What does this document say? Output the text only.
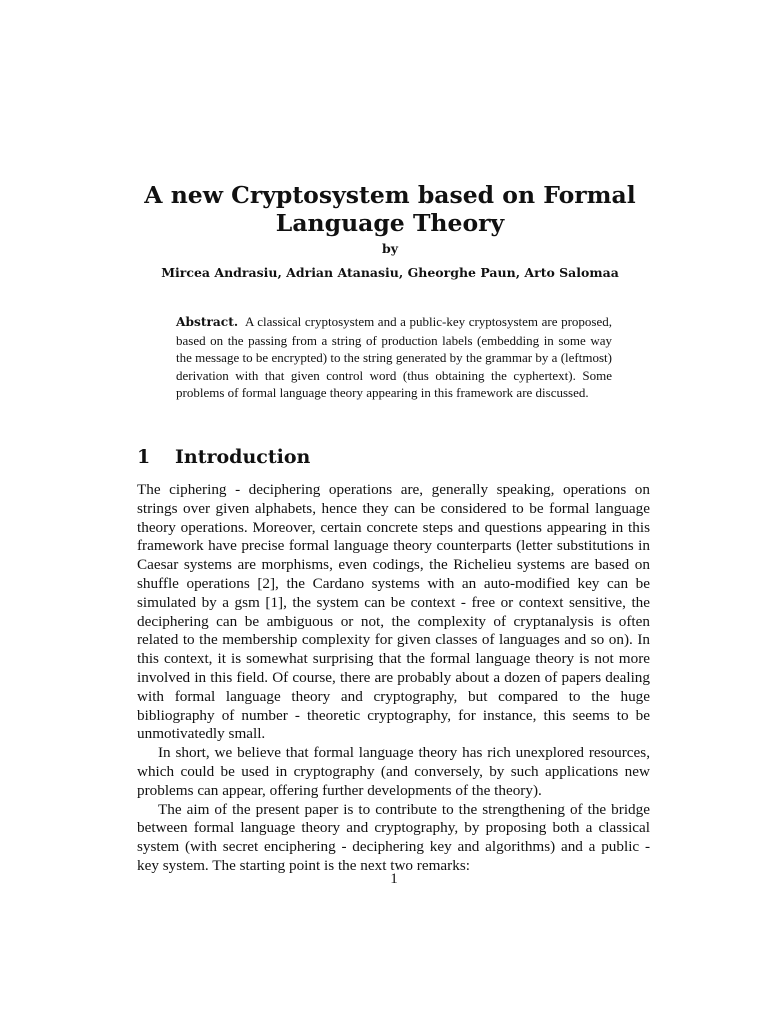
A new Cryptosystem based on Formal Language Theory
by
Mircea Andrasiu, Adrian Atanasiu, Gheorghe Paun, Arto Salomaa
Abstract. A classical cryptosystem and a public-key cryptosystem are proposed, based on the passing from a string of production labels (embedding in some way the message to be encrypted) to the string generated by the grammar by a (leftmost) derivation with that given control word (thus obtaining the cyphertext). Some problems of formal language theory appearing in this framework are discussed.
1 Introduction

The ciphering - deciphering operations are, generally speaking, operations on strings over given alphabets, hence they can be considered to be formal language theory operations. Moreover, certain concrete steps and questions appearing in this framework have precise formal language theory counterparts (letter substitutions in Caesar systems are morphisms, even codings, the Richelieu systems are based on shuffle operations [2], the Cardano systems with an auto-modified key can be simulated by a gsm [1], the system can be context - free or context sensitive, the deciphering can be ambiguous or not, the complexity of cryptanalysis is often related to the membership complexity for given classes of languages and so on). In this context, it is somewhat surprising that the formal language theory is not more involved in this field. Of course, there are probably about a dozen of papers dealing with formal language theory and cryptography, but compared to the huge bibliography of number - theoretic cryptography, for instance, this seems to be unmotivatedly small.

In short, we believe that formal language theory has rich unexplored resources, which could be used in cryptography (and conversely, by such applications new problems can appear, offering further developments of the theory).

The aim of the present paper is to contribute to the strengthening of the bridge between formal language theory and cryptography, by proposing both a classical system (with secret enciphering - deciphering key and algorithms) and a public - key system. The starting point is the next two remarks:

1
